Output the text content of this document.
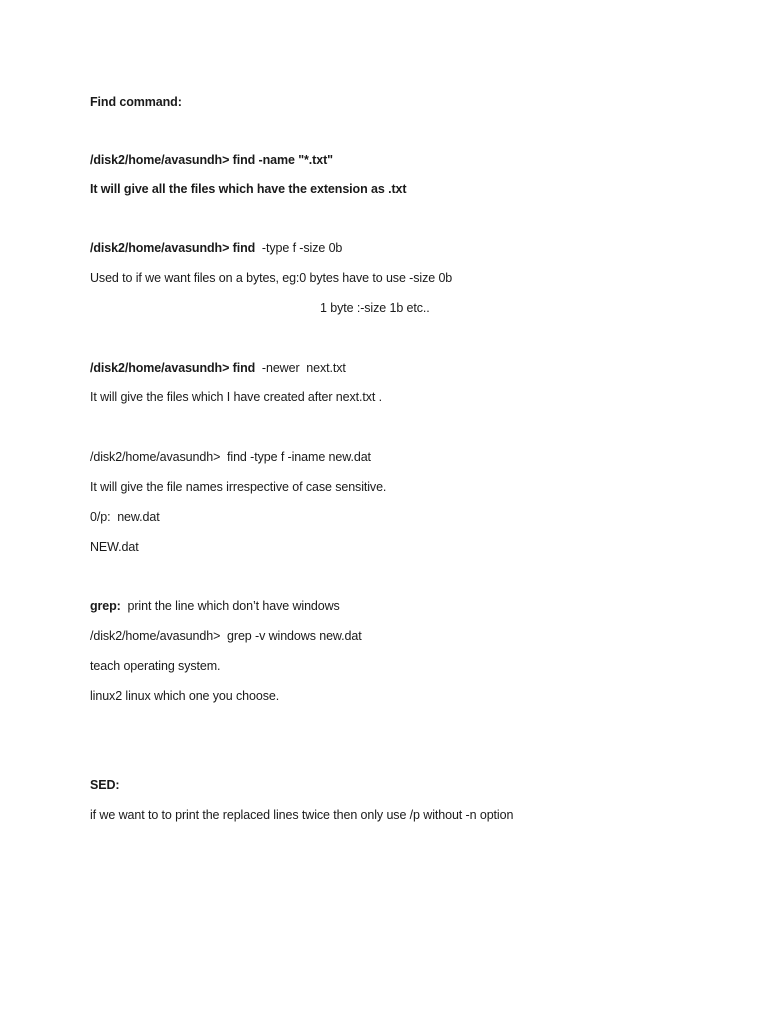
Find command:
/disk2/home/avasundh> find -name "*.txt"
It will give all the files which have the extension as .txt
/disk2/home/avasundh> find  -type f -size 0b
Used to if we want files on a bytes, eg:0 bytes have to use -size 0b
1 byte :-size 1b etc..
/disk2/home/avasundh> find  -newer  next.txt
It will give the files which I have created after next.txt .
/disk2/home/avasundh>  find -type f -iname new.dat
It will give the file names irrespective of case sensitive.
0/p:  new.dat
NEW.dat
grep:  print the line which don’t have windows
/disk2/home/avasundh>  grep -v windows new.dat
teach operating system.
linux2 linux which one you choose.
SED:
if we want to to print the replaced lines twice then only use /p without -n option
